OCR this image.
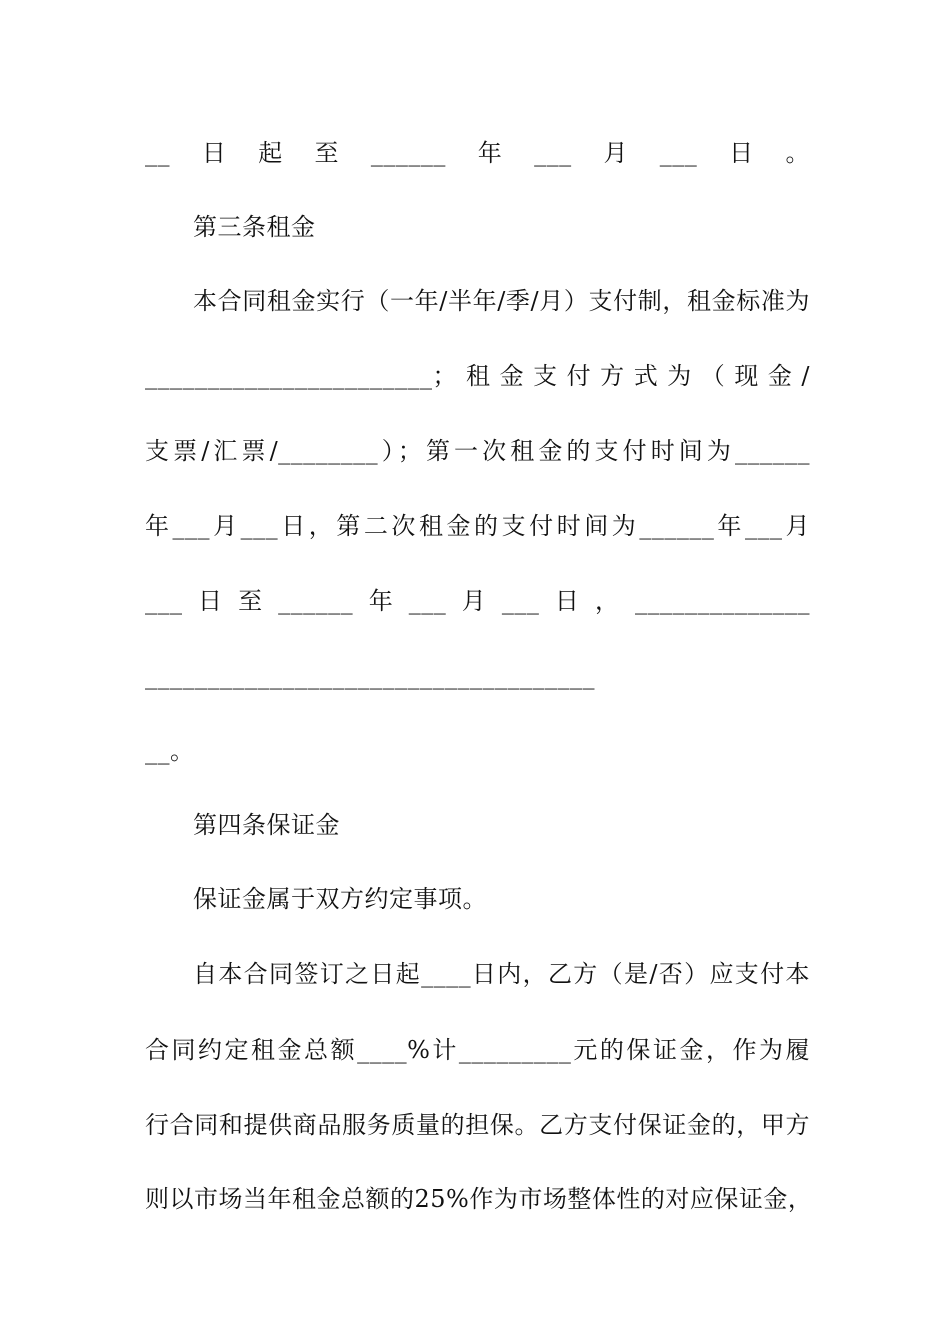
__日起至______年___月___日。
第三条租金
本合同租金实行（一年/半年/季/月）支付制，租金标准为
_______________________；租金支付方式为（现金/
支票/汇票/________）；第一次租金的支付时间为______
年___月___日，第二次租金的支付时间为______年___月
___日至______年___月___日，______________
____________________________________
__。
第四条保证金
保证金属于双方约定事项。
自本合同签订之日起____日内，乙方（是/否）应支付本
合同约定租金总额____%计_________元的保证金，作为履
行合同和提供商品服务质量的担保。乙方支付保证金的，甲方
则以市场当年租金总额的25%作为市场整体性的对应保证金，
